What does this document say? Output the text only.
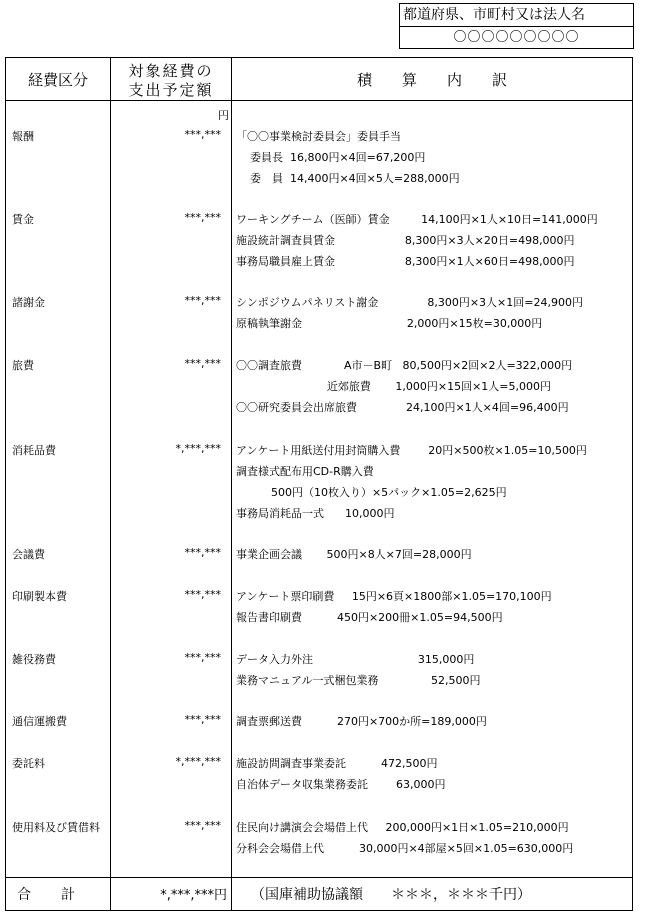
都道府県、市町村又は法人名
〇〇〇〇〇〇〇〇〇
経費区分	対象経費の
支出予定額
積　　算　　内　　訳
円
報酬	***,*** 「〇〇事業検討委員会」委員手当
委員長  16,800円×4回=67,200円
委　員  14,400円×4回×5人=288,000円
賃金	***,*** ワーキングチーム（医師）賃金         14,100円×1人×10日=141,000円
施設統計調査員賃金                    8,300円×3人×20日=498,000円
事務局職員雇上賃金                    8,300円×1人×60日=498,000円
諸謝金	***,*** シンポジウムパネリスト謝金              8,300円×3人×1回=24,900円
原稿執筆謝金                              2,000円×15枚=30,000円
旅費	***,*** 〇〇調査旅費            A市－B町   80,500円×2回×2人=322,000円
近郊旅費       1,000円×15回×1人=5,000円
〇〇研究委員会出席旅費              24,100円×1人×4回=96,400円
消耗品費	*,***,*** アンケート用紙送付用封筒購入費        20円×500枚×1.05=10,500円
調査様式配布用CD-R購入費
500円（10枚入り）×5パック×1.05=2,625円
事務局消耗品一式      10,000円
会議費	***,*** 事業企画会議       500円×8人×7回=28,000円
印刷製本費	***,*** アンケート票印刷費     15円×6頁×1800部×1.05=170,100円
報告書印刷費          450円×200冊×1.05=94,500円
雑役務費	***,*** データ入力外注                              315,000円
業務マニュアル一式梱包業務               52,500円
通信運搬費	***,*** 調査票郵送費          270円×700か所=189,000円
委託料	*,***,*** 施設訪問調査事業委託          472,500円
自治体データ収集業務委託        63,000円
使用料及び賃借料	***,*** 住民向け講演会会場借上代     200,000円×1日×1.05=210,000円
分科会会場借上代          30,000円×4部屋×5回×1.05=630,000円
合計	*,***,***円 （国庫補助協議額　　＊＊＊，＊＊＊千円）
